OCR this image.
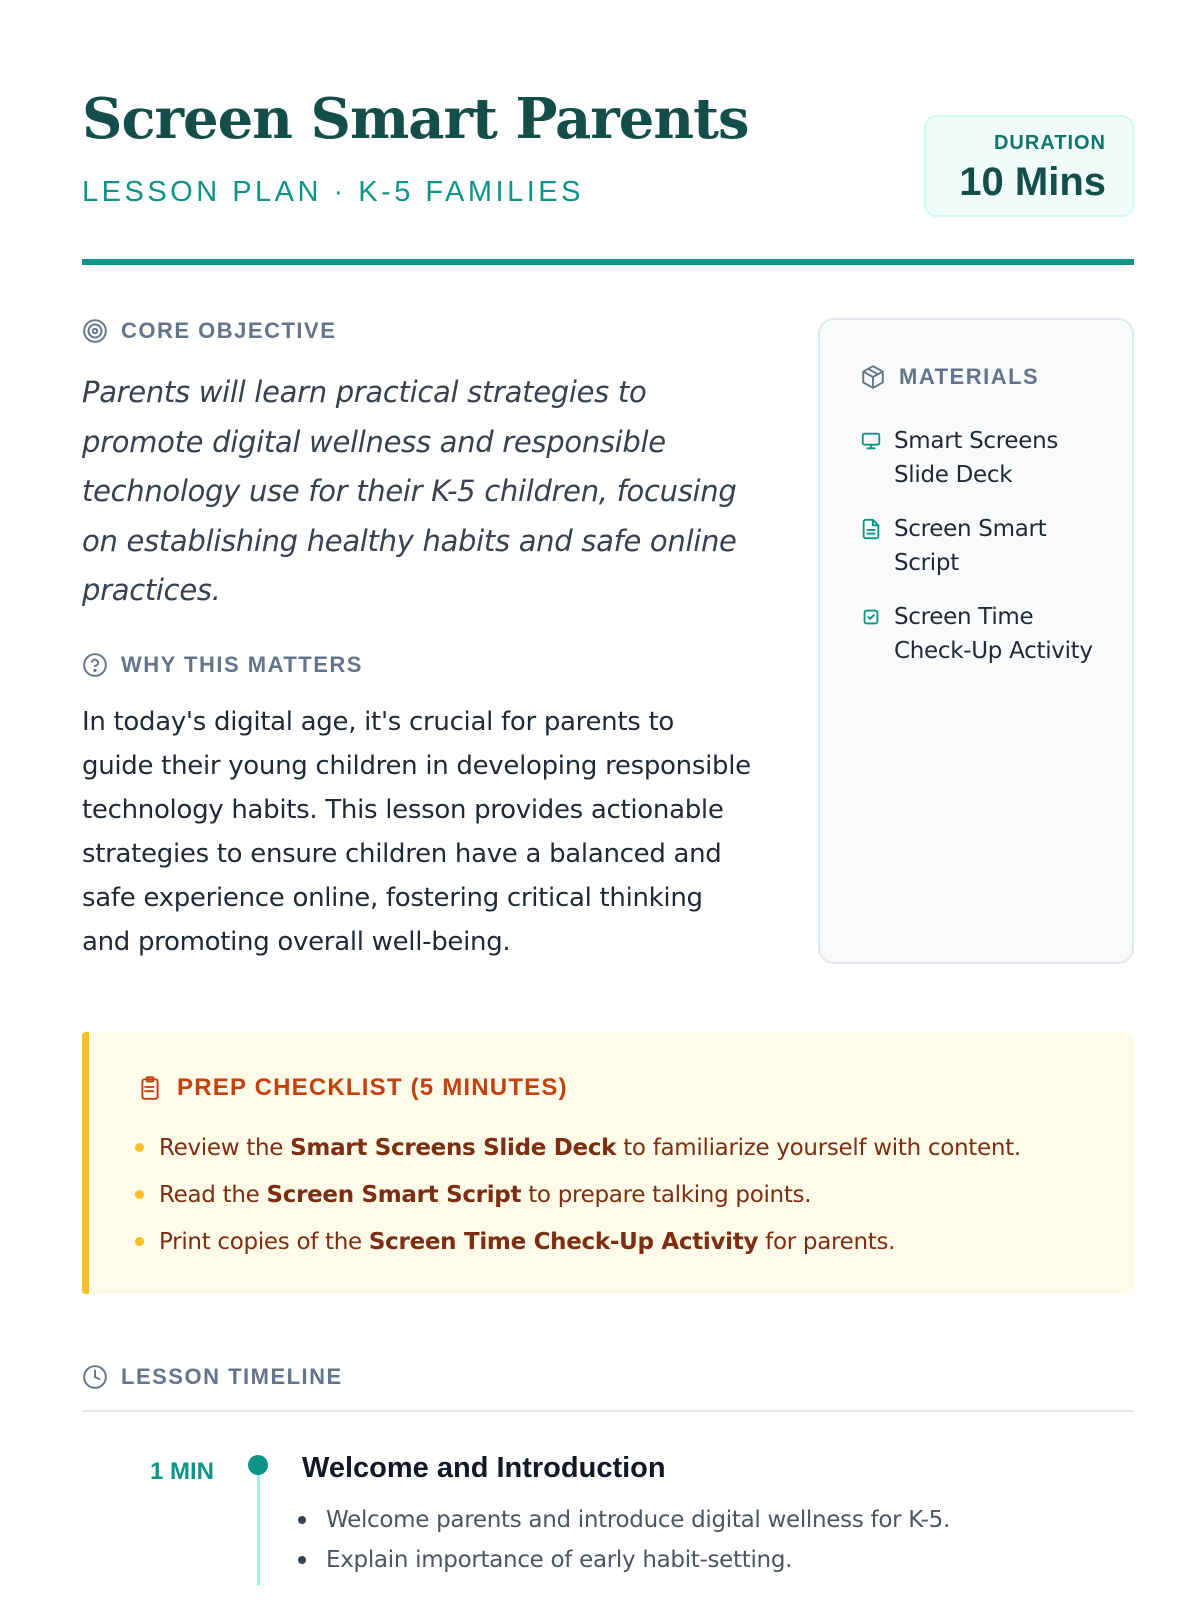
Screen Smart Parents
LESSON PLAN · K-5 FAMILIES
DURATION
10 Mins
CORE OBJECTIVE

Parents will learn practical strategies to promote digital wellness and responsible technology use for their K-5 children, focusing on establishing healthy habits and safe online practices.

WHY THIS MATTERS

In today's digital age, it's crucial for parents to guide their young children in developing responsible technology habits. This lesson provides actionable strategies to ensure children have a balanced and safe experience online, fostering critical thinking and promoting overall well-being.

MATERIALS
Smart Screens Slide Deck
Screen Smart Script
Screen Time Check-Up Activity
PREP CHECKLIST (5 MINUTES)
Review the
Smart Screens Slide Deck
to familiarize yourself with content.
Read the
Screen Smart Script
to prepare talking points.
Print copies of the
Screen Time Check-Up Activity
for parents.
LESSON TIMELINE
1 MIN	Welcome and Introduction
Welcome parents and introduce digital wellness for K-5.
Explain importance of early habit-setting.
